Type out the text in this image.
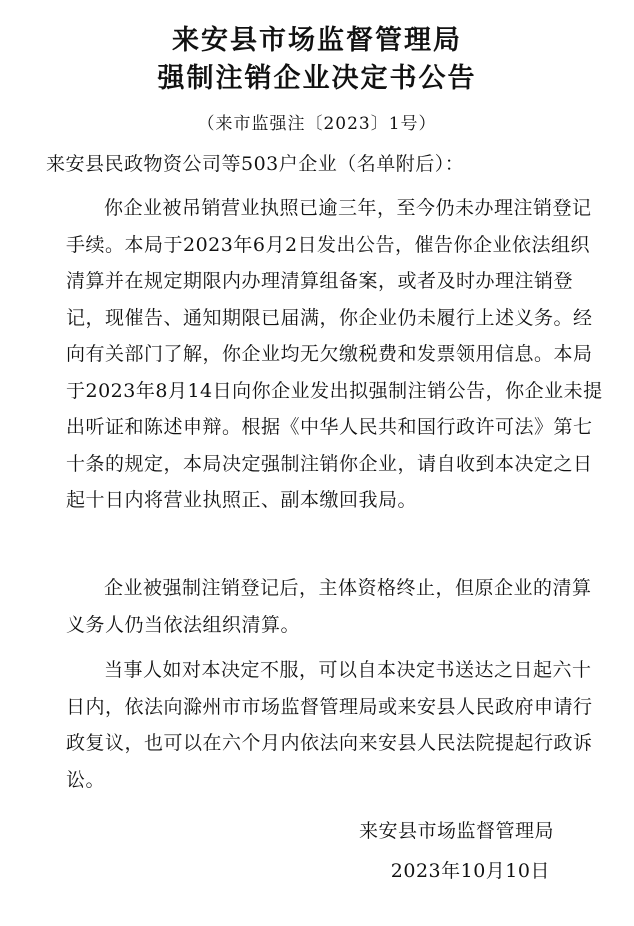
来安县市场监督管理局
强制注销企业决定书公告
（来市监强注〔2023〕1号）
来安县民政物资公司等503户企业（名单附后）：

你企业被吊销营业执照已逾三年，至今仍未办理注销登记手续。本局于2023年6月2日发出公告，催告你企业依法组织清算并在规定期限内办理清算组备案，或者及时办理注销登记，现催告、通知期限已届满，你企业仍未履行上述义务。经向有关部门了解，你企业均无欠缴税费和发票领用信息。本局于2023年8月14日向你企业发出拟强制注销公告，你企业未提出听证和陈述申辩。根据《中华人民共和国行政许可法》第七十条的规定，本局决定强制注销你企业，请自收到本决定之日起十日内将营业执照正、副本缴回我局。

企业被强制注销登记后，主体资格终止，但原企业的清算义务人仍当依法组织清算。

当事人如对本决定不服，可以自本决定书送达之日起六十日内，依法向滁州市市场监督管理局或来安县人民政府申请行政复议，也可以在六个月内依法向来安县人民法院提起行政诉讼。

来安县市场监督管理局
2023年10月10日
